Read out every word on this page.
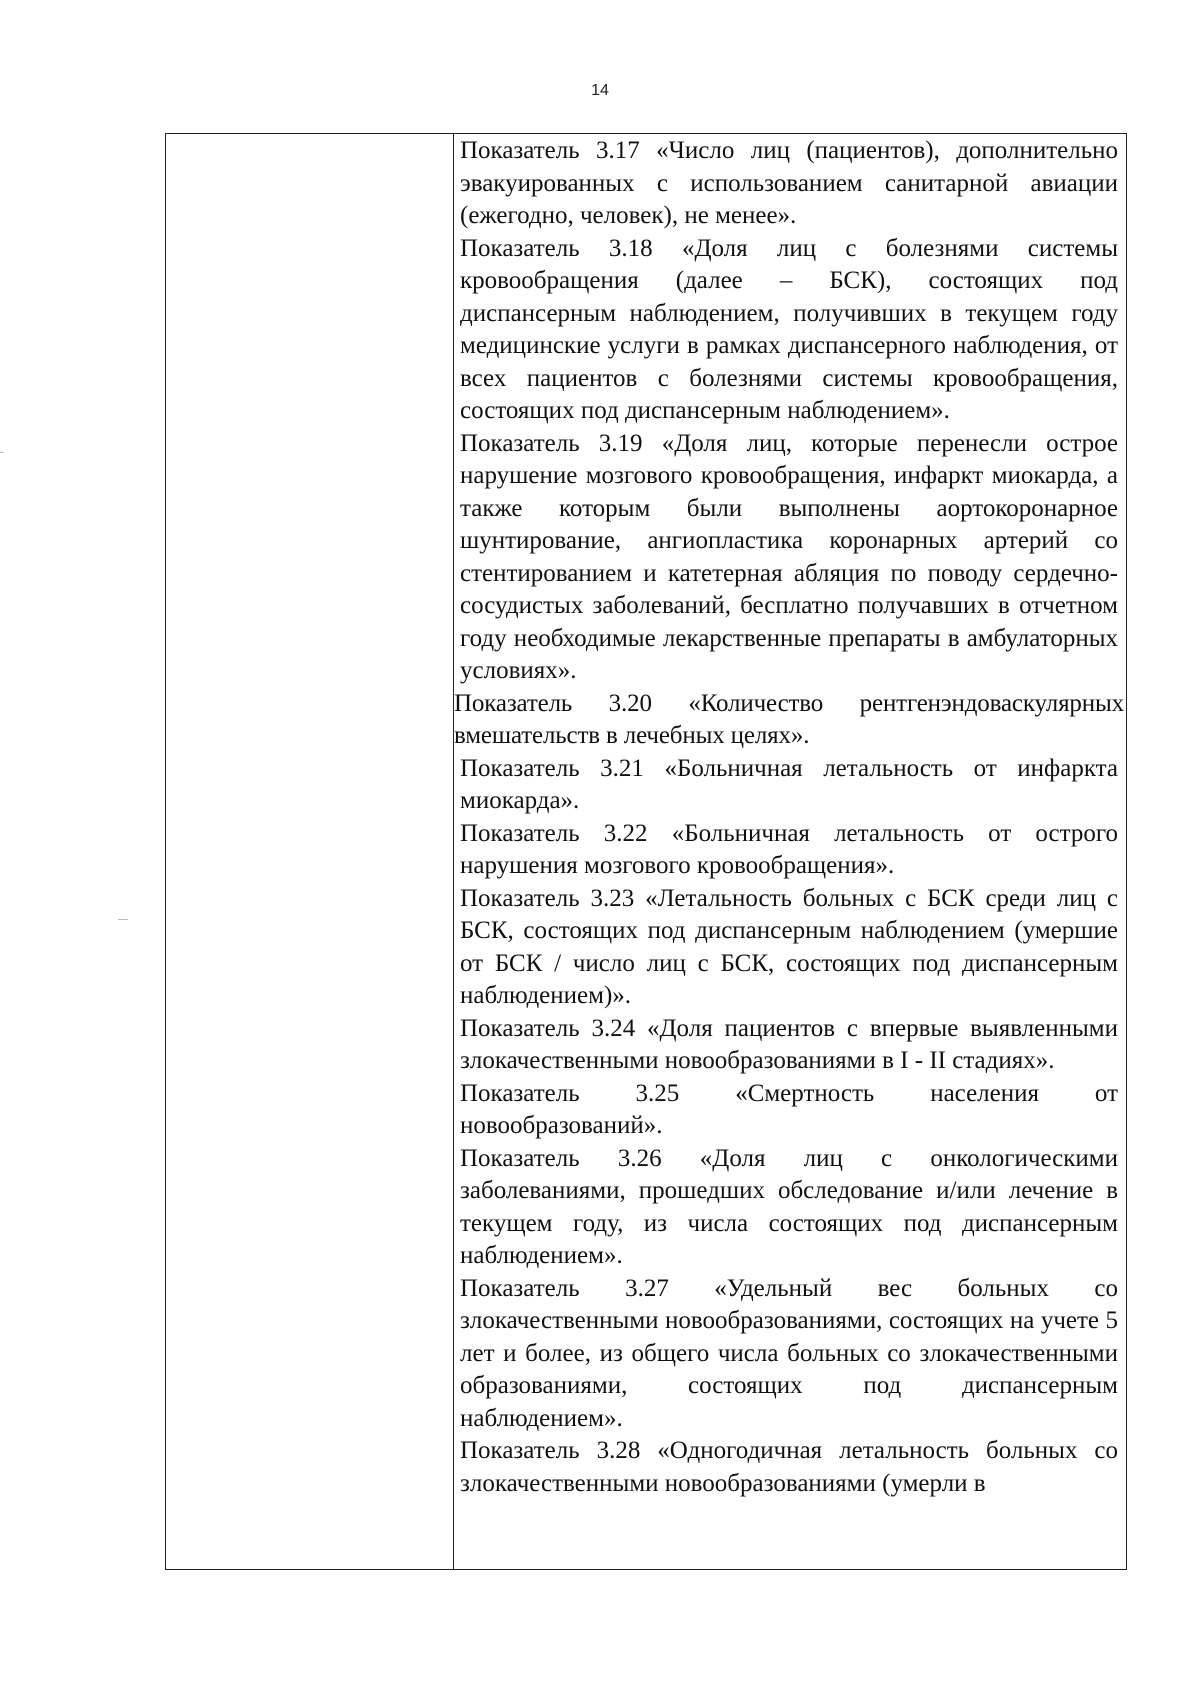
14

Показатель 3.17 «Число лиц (пациентов), дополнительно эвакуированных с использованием санитарной авиации (ежегодно, человек), не менее».

Показатель 3.18 «Доля лиц с болезнями системы кровообращения (далее – БСК), состоящих под диспансерным наблюдением, получивших в текущем году медицинские услуги в рамках диспансерного наблюдения, от всех пациентов с болезнями системы кровообращения, состоящих под диспансерным наблюдением».

Показатель 3.19 «Доля лиц, которые перенесли острое нарушение мозгового кровообращения, инфаркт миокарда, а также которым были выполнены аортокоронарное шунтирование, ангиопластика коронарных артерий со стентированием и катетерная абляция по поводу сердечно-сосудистых заболеваний, бесплатно получавших в отчетном году необходимые лекарственные препараты в амбулаторных условиях».

Показатель 3.20 «Количество рентгенэндоваскулярных вмешательств в лечебных целях».

Показатель 3.21 «Больничная летальность от инфаркта миокарда».

Показатель 3.22 «Больничная летальность от острого нарушения мозгового кровообращения».

Показатель 3.23 «Летальность больных с БСК среди лиц с БСК, состоящих под диспансерным наблюдением (умершие от БСК / число лиц с БСК, состоящих под диспансерным наблюдением)».

Показатель 3.24 «Доля пациентов с впервые выявленными злокачественными новообразованиями в I - II стадиях».

Показатель 3.25 «Смертность населения от новообразований».

Показатель 3.26 «Доля лиц с онкологическими заболеваниями, прошедших обследование и/или лечение в текущем году, из числа состоящих под диспансерным наблюдением».

Показатель 3.27 «Удельный вес больных со злокачественными новообразованиями, состоящих на учете 5 лет и более, из общего числа больных со злокачественными образованиями, состоящих под диспансерным наблюдением».

Показатель 3.28 «Одногодичная летальность больных со злокачественными новообразованиями (умерли в
